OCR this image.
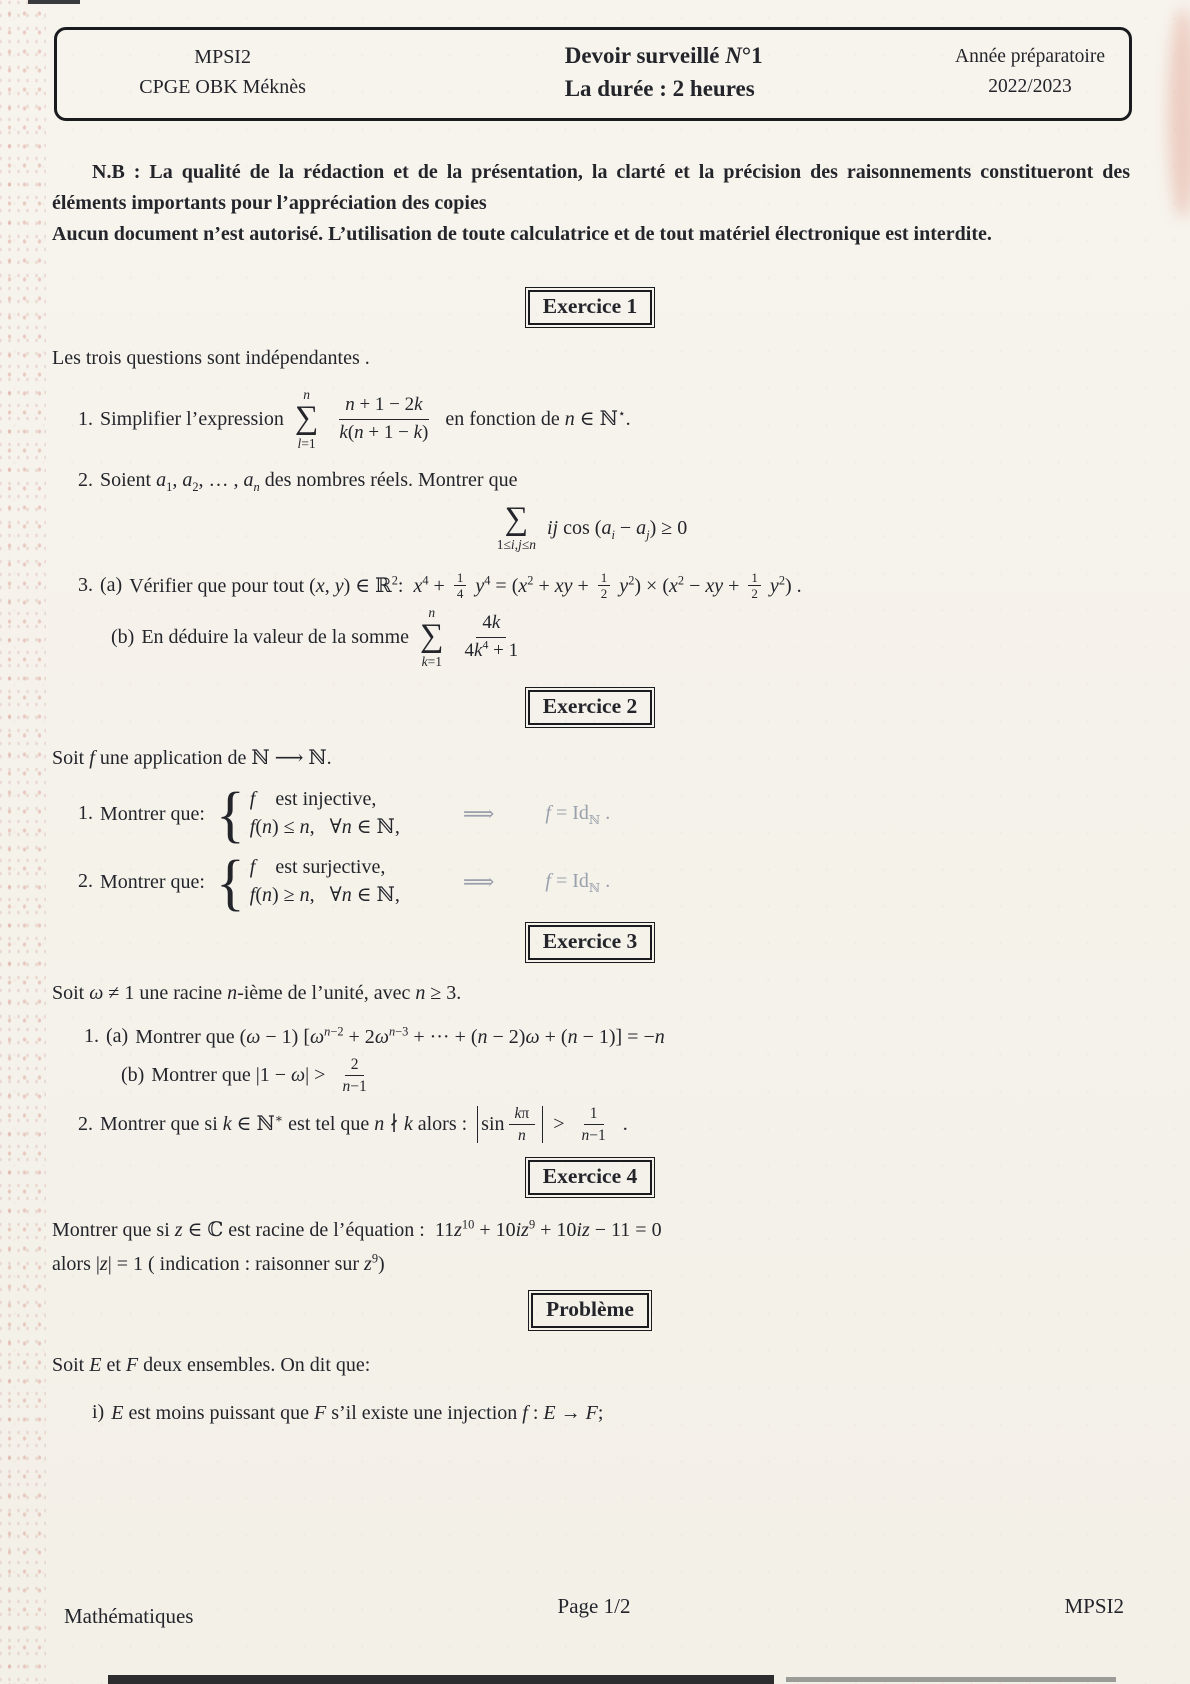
MPSI2
CPGE OBK Méknès
Devoir surveillé N°1
La durée : 2 heures
Année préparatoire
2022/2023

N.B : La qualité de la rédaction et de la présentation, la clarté et la précision des raisonnements constitueront des éléments importants pour l’appréciation des copies

Aucun document n’est autorisé. L’utilisation de toute calculatrice et de tout matériel électronique est interdite.

Exercice 1

Les trois questions sont indépendantes .

1. Simplifier l’expression
n
∑
$l=1 \frac{n + 1 - 2k}{k(n + 1 - k)}$ en fonction de n ∈ ℕ⋆.
2. Soient $a_1$, $a_2$, … , $a_n$ des nombres réels. Montrer que
∑
1≤i,j≤n
ij $\cos (a_i - a_j) \ge 0$
3. (a) Vérifier que pour tout (x, y) ∈ ℝ$^2$:  $x^4 + \frac{1}{4} y^4 = (x^2$ + xy + $\frac{1}{2} y^2) \times (x^2$ − xy + $\frac{1}{2} y^2$) .
(b) En déduire la valeur de la somme
n
∑
$k=1 \frac{4k}{4k^4 + 1}$
Exercice 2

Soit f une application de ℕ ⟶ ℕ.

1. Montrer que: { f    est injective,
f(n) ≤ n,   ∀n ∈ ℕ,
⟹	$f = Id_ℕ$ .
2. Montrer que: { f    est surjective,
f(n) ≥ n,   ∀n ∈ ℕ,
⟹	$f = Id_ℕ$ .
Exercice 3

Soit ω ≠ 1 une racine n-ième de l’unité, avec n ≥ 3.

1. (a) Montrer que (ω − 1) [$\omega^{n-2} + 2\omega^{n-3}$ + ··· + (n − 2)ω + (n − 1)] = −n
(b) Montrer que $|1 - \omega| > \frac{2}{n-1}$
2. Montrer que si k ∈ ℕ∗ est tel que n ∤ k alors : $\sin \frac{k\pi}{n} > \frac{1}{n-1}$ .
Exercice 4

Montrer que si z ∈ ℂ est racine de l’équation :  $11z^{10} + 10iz^9 + 10iz - 11 = 0$

alors |z| = 1 ( indication : raisonner sur $z^9$)

Problème

Soit E et F deux ensembles. On dit que:

i) E est moins puissant que F s’il existe une injection f : E → F;
Mathématiques	Page 1/2	MPSI2
